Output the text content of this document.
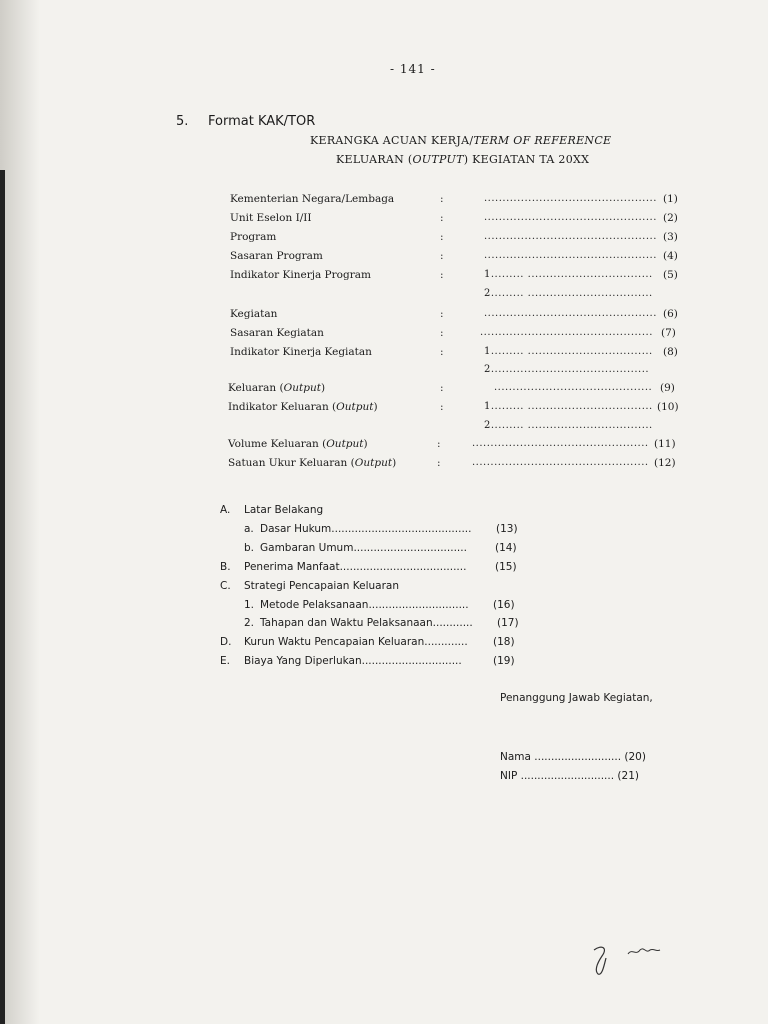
- 141 -
5. Format KAK/TOR
KERANGKA ACUAN KERJA/TERM OF REFERENCE
KELUARAN (OUTPUT) KEGIATAN TA 20XX
Kementerian Negara/Lembaga	:	............................................... (1)
Unit Eselon I/II	:	............................................... (2)
Program	:	............................................... (3)
Sasaran Program	:	............................................... (4)
Indikator Kinerja Program	:	1......... .................................. (5)
2......... ..................................
Kegiatan	:	............................................... (6)
Sasaran Kegiatan	:	............................................... (7)
Indikator Kinerja Kegiatan	:	1......... .................................. (8)
2...........................................
Keluaran (Output)	:	........................................... (9)
Indikator Keluaran (Output)	:	1......... .................................. (10)
2......... ..................................
Volume Keluaran (Output)	:	................................................ (11)
Satuan Ukur Keluaran (Output)	:	................................................ (12)
A. Latar Belakang
a. Dasar Hukum.......................................... (13)
b. Gambaran Umum..................................	(14)
B. Penerima Manfaat......................................	(15)
C. Strategi Pencapaian Keluaran
1. Metode Pelaksanaan.............................. (16)
2. Tahapan dan Waktu Pelaksanaan............ (17)
D. Kurun Waktu Pencapaian Keluaran............. (18)
E. Biaya Yang Diperlukan..............................	(19)
Penanggung Jawab Kegiatan,
Nama .......................... (20)
NIP ............................ (21)
